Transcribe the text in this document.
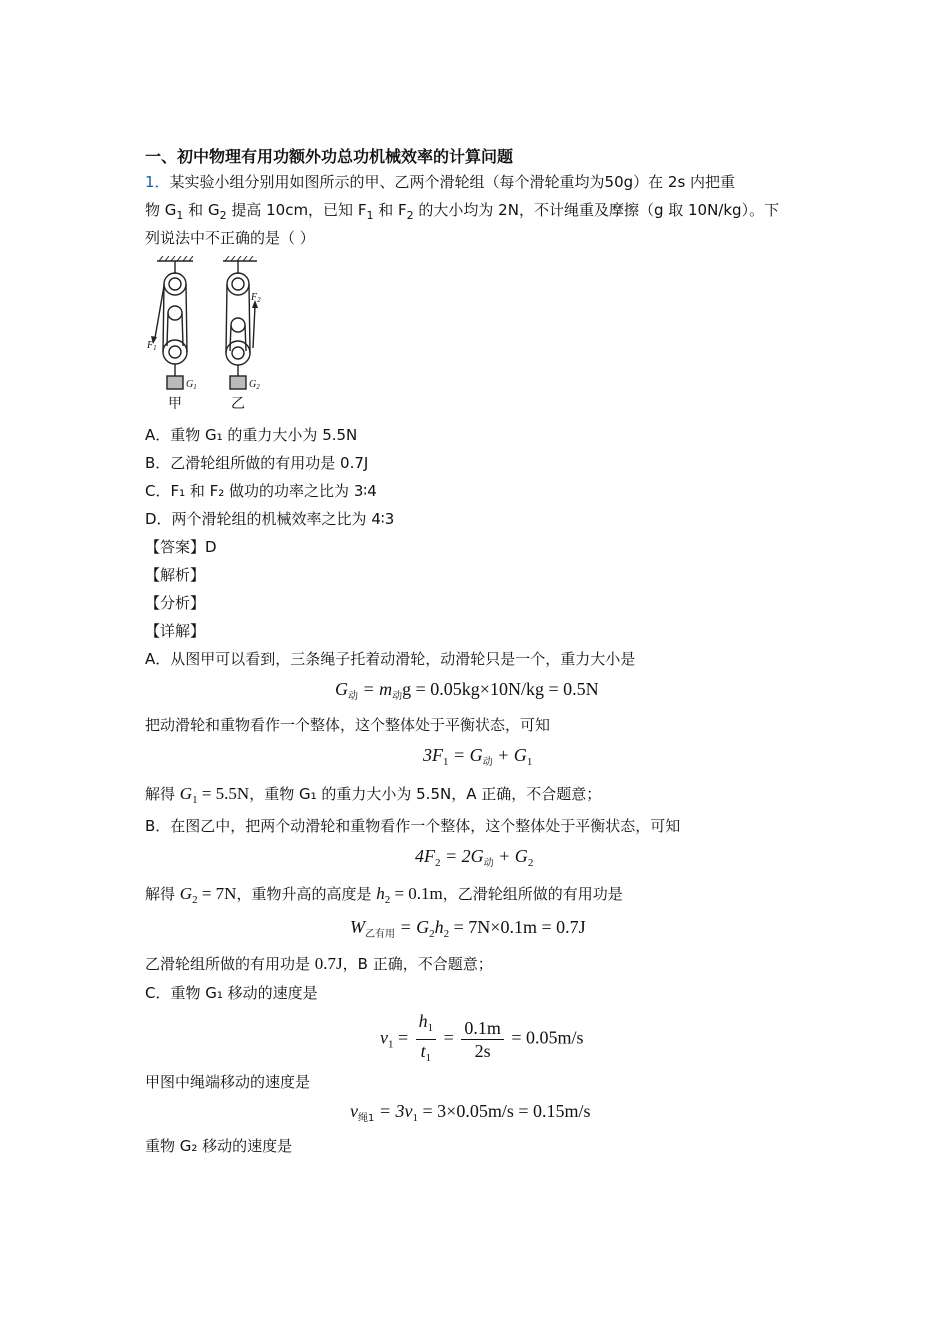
一、初中物理有用功额外功总功机械效率的计算问题
1．某实验小组分别用如图所示的甲、乙两个滑轮组（每个滑轮重均为50g）在 2s 内把重
物 $G_1$ 和 $G_2$ 提高 10cm，已知 $F_1$ 和 $F_2$ 的大小均为 2N，不计绳重及摩擦（g 取 10N/kg）。下
列说法中不正确的是（ ）
$F_1$
$F_2$
$G_1$	$G_2$
甲	乙
A．重物 G₁ 的重力大小为 5.5N
B．乙滑轮组所做的有用功是 0.7J
C．F₁ 和 F₂ 做功的功率之比为 3∶4
D．两个滑轮组的机械效率之比为 4∶3
【答案】D
【解析】
【分析】
【详解】
A．从图甲可以看到，三条绳子托着动滑轮，动滑轮只是一个，重力大小是
$G_动 = m_动g = 0.05kg\times 10N/kg = 0.5N$
把动滑轮和重物看作一个整体，这个整体处于平衡状态，可知
$3F_1 = G_动 + G_1$
解得 $G_1 = 5.5N$，重物 G₁ 的重力大小为 5.5N，A 正确，不合题意；
B．在图乙中，把两个动滑轮和重物看作一个整体，这个整体处于平衡状态，可知
$4F_2 = 2G_动 + G_2$
解得 $G_2 = 7N$，重物升高的高度是 $h_2 = 0.1m$，乙滑轮组所做的有用功是
$W_{乙有用} = G_2h_2 = 7N\times 0.1m = 0.7J$
乙滑轮组所做的有用功是 0.7J，B 正确，不合题意；
C．重物 G₁ 移动的速度是
$v_1 = \frac{h_1}{t_1} = \frac{0.1m}{2s} = 0.05m/s$
甲图中绳端移动的速度是
$v_{绳1} = 3v_1 = 3\times 0.05m/s = 0.15m/s$
重物 G₂ 移动的速度是
